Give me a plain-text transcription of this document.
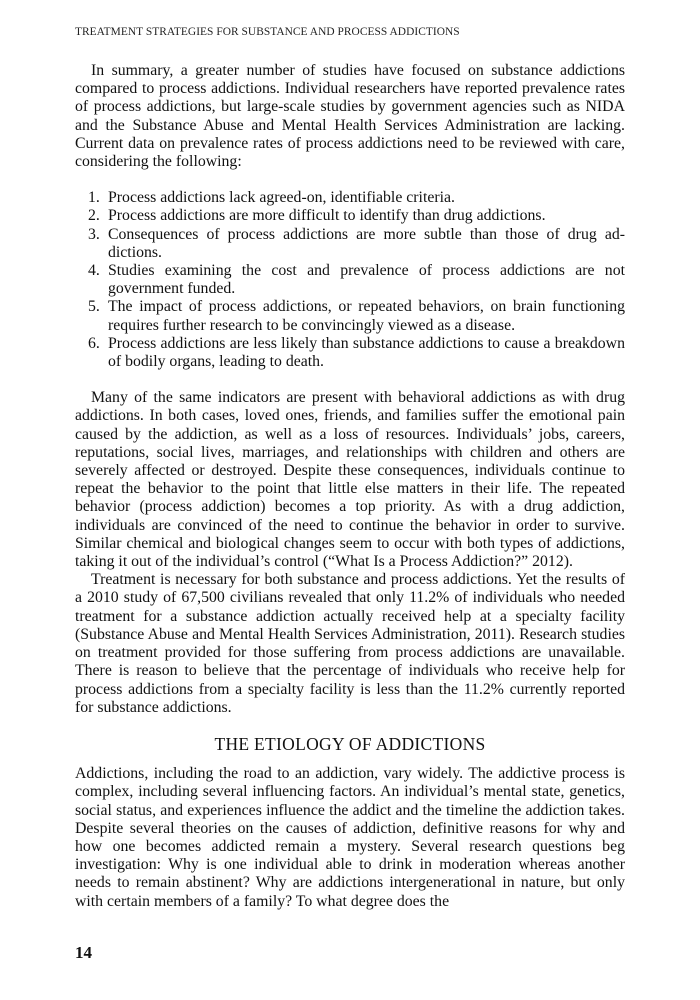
TREATMENT STRATEGIES FOR SUBSTANCE AND PROCESS ADDICTIONS

In summary, a greater number of studies have focused on substance addictions compared to process addictions. Individual researchers have reported prevalence rates of process addictions, but large-scale studies by government agencies such as NIDA and the Substance Abuse and Mental Health Services Administration are lacking. Current data on prevalence rates of process addictions need to be reviewed with care, considering the following:

1. Process addictions lack agreed-on, identifiable criteria.
2. Process addictions are more difficult to identify than drug addictions.
3. Consequences of process addictions are more subtle than those of drug addictions.
4. Studies examining the cost and prevalence of process addictions are not government funded.
5. The impact of process addictions, or repeated behaviors, on brain functioning requires further research to be convincingly viewed as a disease.
6. Process addictions are less likely than substance addictions to cause a breakdown of bodily organs, leading to death.

Many of the same indicators are present with behavioral addictions as with drug addictions. In both cases, loved ones, friends, and families suffer the emotional pain caused by the addiction, as well as a loss of resources. Individuals’ jobs, careers, reputations, social lives, marriages, and relationships with children and others are severely affected or destroyed. Despite these consequences, individuals continue to repeat the behavior to the point that little else matters in their life. The repeated behavior (process addiction) becomes a top priority. As with a drug addiction, individuals are convinced of the need to continue the behavior in order to survive. Similar chemical and biological changes seem to occur with both types of addictions, taking it out of the individual’s control (“What Is a Process Addiction?” 2012).

Treatment is necessary for both substance and process addictions. Yet the results of a 2010 study of 67,500 civilians revealed that only 11.2% of individuals who needed treatment for a substance addiction actually received help at a specialty facility (Substance Abuse and Mental Health Services Administration, 2011). Research studies on treatment provided for those suffering from process addictions are unavailable. There is reason to believe that the percentage of individuals who receive help for process addictions from a specialty facility is less than the 11.2% currently reported for substance addictions.

THE ETIOLOGY OF ADDICTIONS

Addictions, including the road to an addiction, vary widely. The addictive process is complex, including several influencing factors. An individual’s mental state, genetics, social status, and experiences influence the addict and the timeline the addiction takes. Despite several theories on the causes of addiction, definitive reasons for why and how one becomes addicted remain a mystery. Several research questions beg investigation: Why is one individual able to drink in moderation whereas another needs to remain abstinent? Why are addictions intergenerational in nature, but only with certain members of a family? To what degree does the

14
